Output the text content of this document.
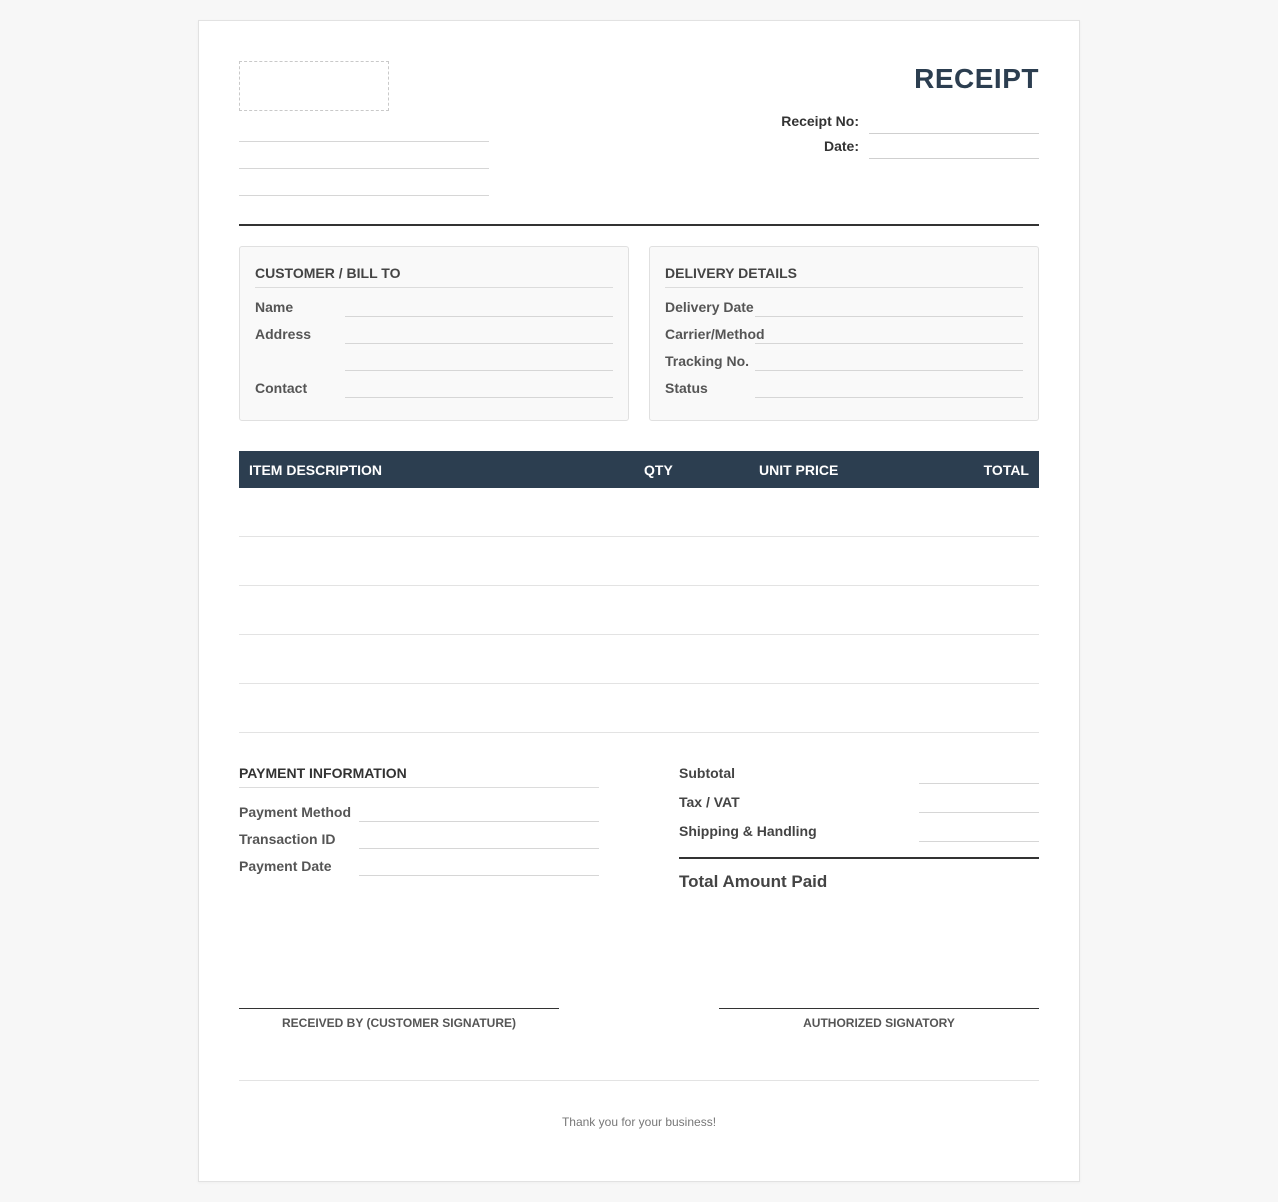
RECEIPT
Receipt No:
Date:
CUSTOMER / BILL TO
Name
Address
Contact
DELIVERY DETAILS
Delivery Date
Carrier/Method
Tracking No.
Status
ITEM DESCRIPTION	QTY	UNIT PRICE	TOTAL
PAYMENT INFORMATION
Payment Method
Transaction ID
Payment Date
Subtotal
Tax / VAT
Shipping & Handling
Total Amount Paid
RECEIVED BY (CUSTOMER SIGNATURE)	AUTHORIZED SIGNATORY
Thank you for your business!
